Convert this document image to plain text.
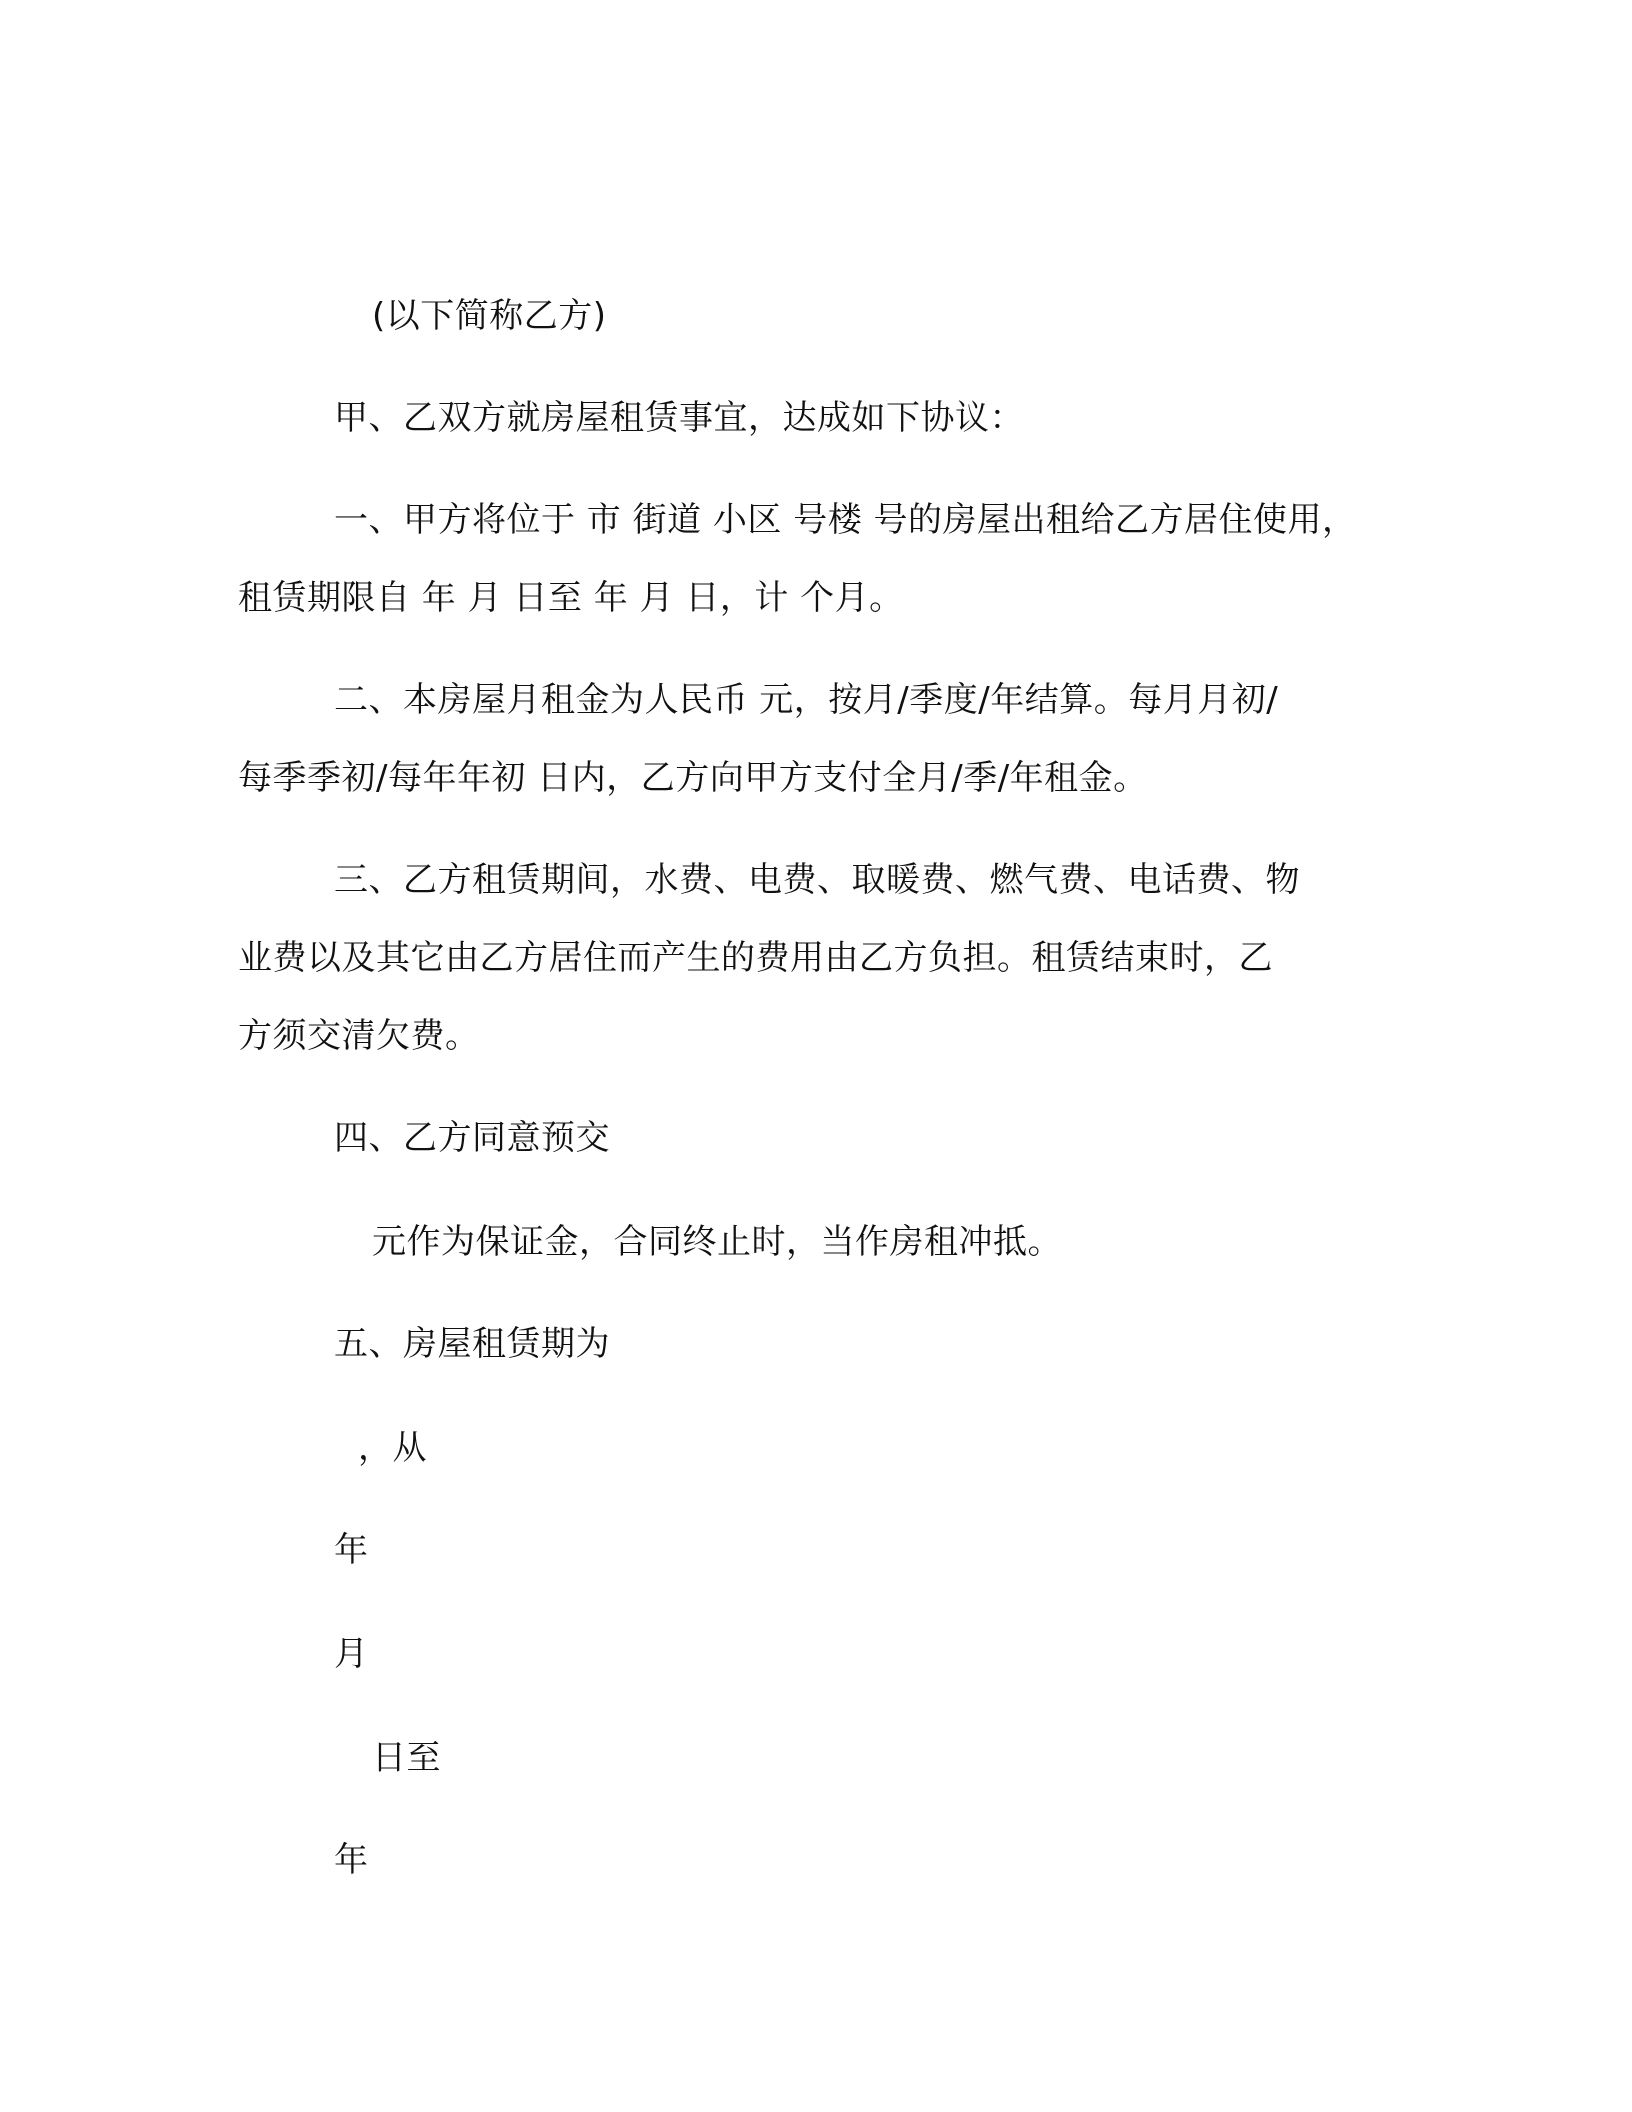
(以下简称乙方)
甲、乙双方就房屋租赁事宜，达成如下协议：
一、甲方将位于 市 街道 小区 号楼 号的房屋出租给乙方居住使用，
租赁期限自 年 月 日至 年 月 日，计 个月。
二、本房屋月租金为人民币 元，按月/季度/年结算。每月月初/
每季季初/每年年初 日内，乙方向甲方支付全月/季/年租金。
三、乙方租赁期间，水费、电费、取暖费、燃气费、电话费、物
业费以及其它由乙方居住而产生的费用由乙方负担。租赁结束时，乙
方须交清欠费。
四、乙方同意预交
元作为保证金，合同终止时，当作房租冲抵。
五、房屋租赁期为
，从
年
月
日至
年
